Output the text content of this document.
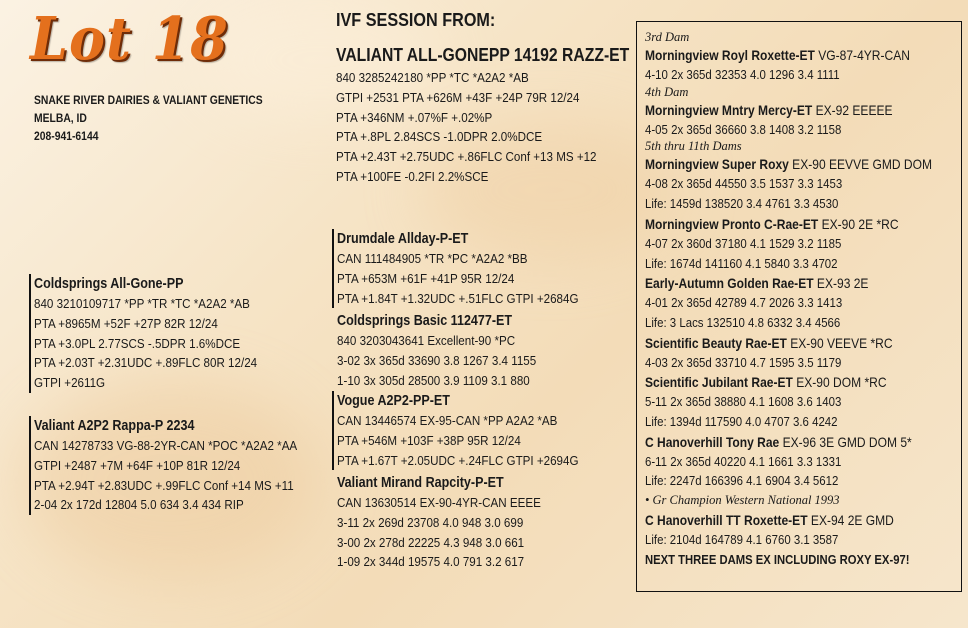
Lot 18
SNAKE RIVER DAIRIES & VALIANT GENETICS
MELBA, ID
208-941-6144
IVF SESSION FROM:
VALIANT ALL-GONEPP 14192 RAZZ-ET
840 3285242180 *PP *TC *A2A2 *AB
GTPI +2531 PTA +626M +43F +24P 79R 12/24
PTA +346NM +.07%F +.02%P
PTA +.8PL 2.84SCS -1.0DPR 2.0%DCE
PTA +2.43T +2.75UDC +.86FLC Conf +13 MS +12
PTA +100FE -0.2FI 2.2%SCE
Coldsprings All-Gone-PP
840 3210109717 *PP *TR *TC *A2A2 *AB
PTA +8965M +52F +27P 82R 12/24
PTA +3.0PL 2.77SCS -.5DPR 1.6%DCE
PTA +2.03T +2.31UDC +.89FLC 80R 12/24
GTPI +2611G
Valiant A2P2 Rappa-P 2234
CAN 14278733 VG-88-2YR-CAN *POC *A2A2 *AA
GTPI +2487 +7M +64F +10P 81R 12/24
PTA +2.94T +2.83UDC +.99FLC Conf +14 MS +11
2-04 2x 172d 12804 5.0 634 3.4 434 RIP
Drumdale Allday-P-ET
CAN 111484905 *TR *PC *A2A2 *BB
PTA +653M +61F +41P 95R 12/24
PTA +1.84T +1.32UDC +.51FLC GTPI +2684G
Coldsprings Basic 112477-ET
840 3203043641 Excellent-90 *PC
3-02 3x 365d 33690 3.8 1267 3.4 1155
1-10 3x 305d 28500 3.9 1109 3.1 880
Vogue A2P2-PP-ET
CAN 13446574 EX-95-CAN *PP A2A2 *AB
PTA +546M +103F +38P 95R 12/24
PTA +1.67T +2.05UDC +.24FLC GTPI +2694G
Valiant Mirand Rapcity-P-ET
CAN 13630514 EX-90-4YR-CAN EEEE
3-11 2x 269d 23708 4.0 948 3.0 699
3-00 2x 278d 22225 4.3 948 3.0 661
1-09 2x 344d 19575 4.0 791 3.2 617
3rd Dam
Morningview Royl Roxette-ET VG-87-4YR-CAN
4-10 2x 365d 32353 4.0 1296 3.4 1111
4th Dam
Morningview Mntry Mercy-ET EX-92 EEEEE
4-05 2x 365d 36660 3.8 1408 3.2 1158
5th thru 11th Dams
Morningview Super Roxy EX-90 EEVVE GMD DOM
4-08 2x 365d 44550 3.5 1537 3.3 1453
Life: 1459d 138520 3.4 4761 3.3 4530
Morningview Pronto C-Rae-ET EX-90 2E *RC
4-07 2x 360d 37180 4.1 1529 3.2 1185
Life: 1674d 141160 4.1 5840 3.3 4702
Early-Autumn Golden Rae-ET EX-93 2E
4-01 2x 365d 42789 4.7 2026 3.3 1413
Life: 3 Lacs 132510 4.8 6332 3.4 4566
Scientific Beauty Rae-ET EX-90 VEEVE *RC
4-03 2x 365d 33710 4.7 1595 3.5 1179
Scientific Jubilant Rae-ET EX-90 DOM *RC
5-11 2x 365d 38880 4.1 1608 3.6 1403
Life: 1394d 117590 4.0 4707 3.6 4242
C Hanoverhill Tony Rae EX-96 3E GMD DOM 5*
6-11 2x 365d 40220 4.1 1661 3.3 1331
Life: 2247d 166396 4.1 6904 3.4 5612
• Gr Champion Western National 1993
C Hanoverhill TT Roxette-ET EX-94 2E GMD
Life: 2104d 164789 4.1 6760 3.1 3587
NEXT THREE DAMS EX INCLUDING ROXY EX-97!
